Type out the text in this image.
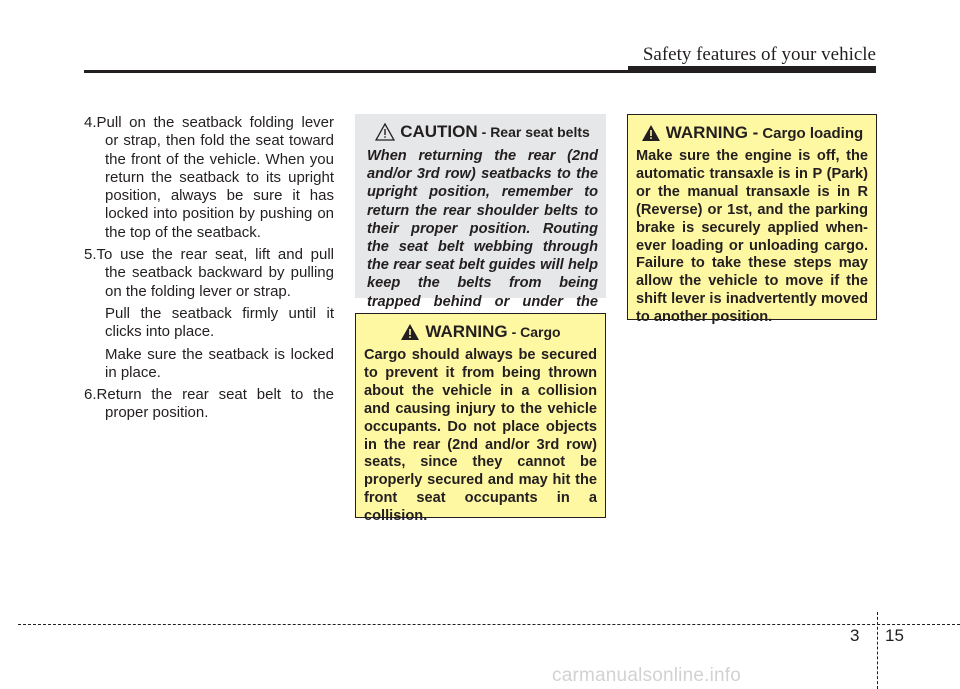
Safety features of your vehicle
4.Pull on the seatback folding lever or strap, then fold the seat toward the front of the vehicle. When you return the seatback to its upright position, always be sure it has locked into position by pushing on the top of the seatback.
5.To use the rear seat, lift and pull the seatback backward by pulling on the folding lever or strap.
Pull the seatback firmly until it clicks into place.
Make sure the seatback is locked in place.
6.Return the rear seat belt to the proper position.
CAUTION - Rear seat belts

When returning the rear (2nd and/or 3rd row) seatbacks to the upright position, remember to return the rear shoulder belts to their proper position. Routing the seat belt webbing through the rear seat belt guides will help keep the belts from being trapped behind or under the

WARNING - Cargo

Cargo should always be secured to prevent it from being thrown about the vehicle in a collision and causing injury to the vehicle occupants. Do not place objects in the rear (2nd and/or 3rd row) seats, since they cannot be properly secured and may hit the front seat occupants in a collision.

WARNING - Cargo loading

Make sure the engine is off, the automatic transaxle is in P (Park) or the manual transaxle is in R (Reverse) or 1st, and the parking brake is securely applied when-ever loading or unloading cargo. Failure to take these steps may allow the vehicle to move if the shift lever is inadvertently moved to another position.

3 15
carmanualsonline.info
